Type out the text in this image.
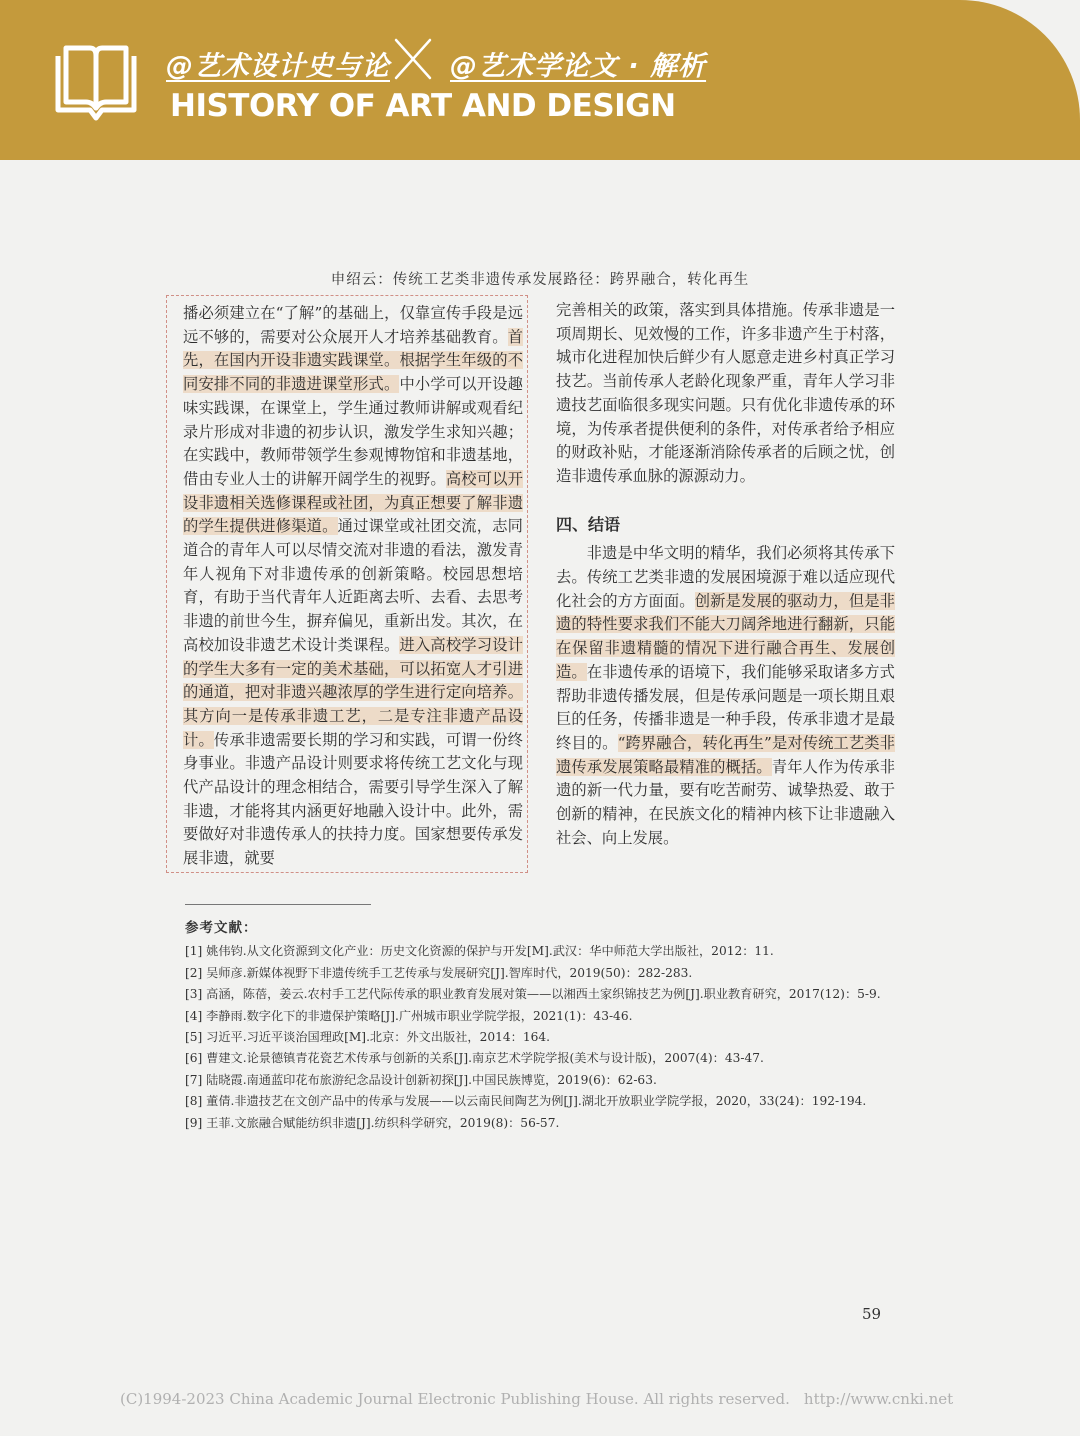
@艺术设计史与论 @艺术学论文 · 解析
HISTORY OF ART AND DESIGN
申绍云：传统工艺类非遗传承发展路径：跨界融合，转化再生

播必须建立在“了解”的基础上，仅靠宣传手段是远远不够的，需要对公众展开人才培养基础教育。首先，在国内开设非遗实践课堂。根据学生年级的不同安排不同的非遗进课堂形式。中小学可以开设趣味实践课，在课堂上，学生通过教师讲解或观看纪录片形成对非遗的初步认识，激发学生求知兴趣；在实践中，教师带领学生参观博物馆和非遗基地，借由专业人士的讲解开阔学生的视野。高校可以开设非遗相关选修课程或社团，为真正想要了解非遗的学生提供进修渠道。通过课堂或社团交流，志同道合的青年人可以尽情交流对非遗的看法，激发青年人视角下对非遗传承的创新策略。校园思想培育，有助于当代青年人近距离去听、去看、去思考非遗的前世今生，摒弃偏见，重新出发。其次，在高校加设非遗艺术设计类课程。进入高校学习设计的学生大多有一定的美术基础，可以拓宽人才引进的通道，把对非遗兴趣浓厚的学生进行定向培养。其方向一是传承非遗工艺，二是专注非遗产品设计。传承非遗需要长期的学习和实践，可谓一份终身事业。非遗产品设计则要求将传统工艺文化与现代产品设计的理念相结合，需要引导学生深入了解非遗，才能将其内涵更好地融入设计中。此外，需要做好对非遗传承人的扶持力度。国家想要传承发展非遗，就要

完善相关的政策，落实到具体措施。传承非遗是一项周期长、见效慢的工作，许多非遗产生于村落，城市化进程加快后鲜少有人愿意走进乡村真正学习技艺。当前传承人老龄化现象严重，青年人学习非遗技艺面临很多现实问题。只有优化非遗传承的环境，为传承者提供便利的条件，对传承者给予相应的财政补贴，才能逐渐消除传承者的后顾之忧，创造非遗传承血脉的源源动力。

四、结语

非遗是中华文明的精华，我们必须将其传承下去。传统工艺类非遗的发展困境源于难以适应现代化社会的方方面面。创新是发展的驱动力，但是非遗的特性要求我们不能大刀阔斧地进行翻新，只能在保留非遗精髓的情况下进行融合再生、发展创造。在非遗传承的语境下，我们能够采取诸多方式帮助非遗传播发展，但是传承问题是一项长期且艰巨的任务，传播非遗是一种手段，传承非遗才是最终目的。“跨界融合，转化再生”是对传统工艺类非遗传承发展策略最精准的概括。青年人作为传承非遗的新一代力量，要有吃苦耐劳、诚挚热爱、敢于创新的精神，在民族文化的精神内核下让非遗融入社会、向上发展。

参考文献：
[1] 姚伟钧.从文化资源到文化产业：历史文化资源的保护与开发[M].武汉：华中师范大学出版社，2012：11.
[2] 吴师彦.新媒体视野下非遗传统手工艺传承与发展研究[J].智库时代，2019(50)：282-283.
[3] 高涵，陈蓓，姜云.农村手工艺代际传承的职业教育发展对策——以湘西土家织锦技艺为例[J].职业教育研究，2017(12)：5-9.
[4] 李静雨.数字化下的非遗保护策略[J].广州城市职业学院学报，2021(1)：43-46.
[5] 习近平.习近平谈治国理政[M].北京：外文出版社，2014：164.
[6] 曹建文.论景德镇青花瓷艺术传承与创新的关系[J].南京艺术学院学报(美术与设计版)，2007(4)：43-47.
[7] 陆晓霞.南通蓝印花布旅游纪念品设计创新初探[J].中国民族博览，2019(6)：62-63.
[8] 董倩.非遗技艺在文创产品中的传承与发展——以云南民间陶艺为例[J].湖北开放职业学院学报，2020，33(24)：192-194.
[9] 王菲.文旅融合赋能纺织非遗[J].纺织科学研究，2019(8)：56-57.
59
(C)1994-2023 China Academic Journal Electronic Publishing House. All rights reserved. http://www.cnki.net
